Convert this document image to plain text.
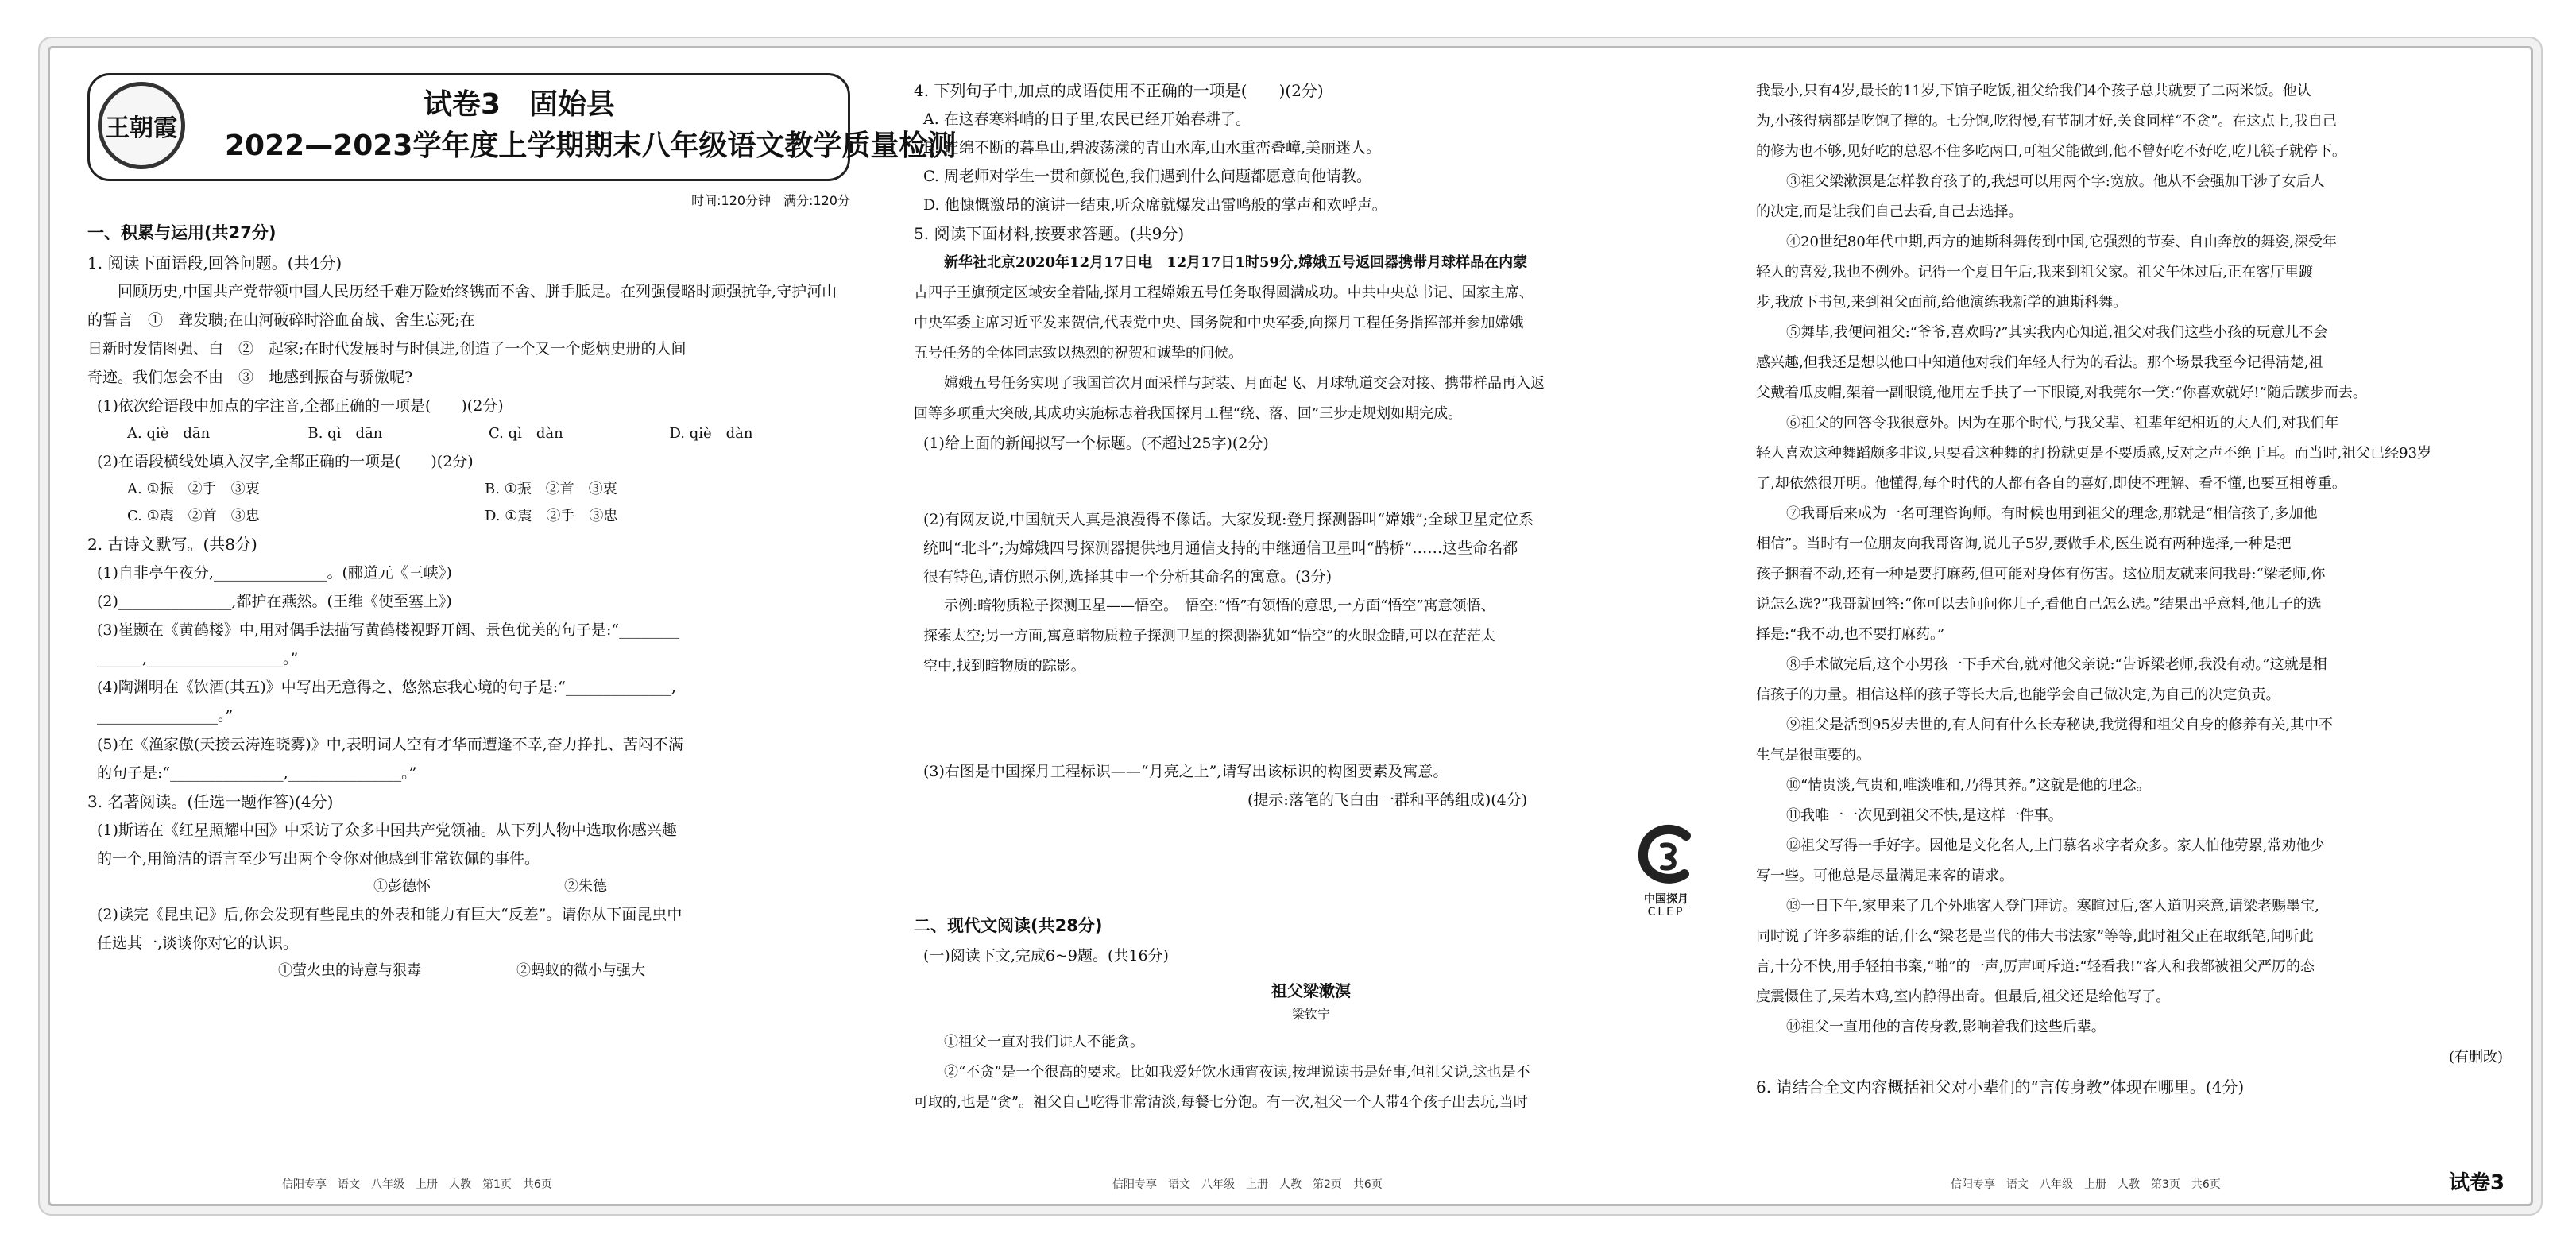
王朝霞
试卷3　固始县
2022—2023学年度上学期期末八年级语文教学质量检测
时间:120分钟　满分:120分
一、积累与运用(共27分)

1. 阅读下面语段,回答问题。(共4分)

回顾历史,中国共产党带领中国人民历经千难万险始终镌而不舍、胼手胝足。在列强侵略时顽强抗争,守护河山的誓言　①　聋发聩;在山河破碎时浴血奋战、舍生忘死;在

日新时发情图强、白　②　起家;在时代发展时与时俱进,创造了一个又一个彪炳史册的人间

奇迹。我们怎会不由　③　地感到振奋与骄傲呢?

(1)依次给语段中加点的字注音,全都正确的一项是(　　)(2分)

A. qiè　dān	B. qì　dān	C. qì　dàn	D. qiè　dàn

(2)在语段横线处填入汉字,全都正确的一项是(　　)(2分)

A. ①振　②手　③衷	B. ①振　②首　③衷
C. ①震　②首　③忠	D. ①震　②手　③忠

2. 古诗文默写。(共8分)

(1)自非亭午夜分,_______________。(郦道元《三峡》)

(2)_______________,都护在燕然。(王维《使至塞上》)

(3)崔颢在《黄鹤楼》中,用对偶手法描写黄鹤楼视野开阔、景色优美的句子是:“________

______,__________________。”

(4)陶渊明在《饮酒(其五)》中写出无意得之、悠然忘我心境的句子是:“______________,

________________。”

(5)在《渔家傲(天接云涛连晓雾)》中,表明词人空有才华而遭逢不幸,奋力挣扎、苦闷不满

的句子是:“_______________,_______________。”

3. 名著阅读。(任选一题作答)(4分)

(1)斯诺在《红星照耀中国》中采访了众多中国共产党领袖。从下列人物中选取你感兴趣

的一个,用简洁的语言至少写出两个令你对他感到非常钦佩的事件。

①彭德怀	②朱德

(2)读完《昆虫记》后,你会发现有些昆虫的外表和能力有巨大“反差”。请你从下面昆虫中

任选其一,谈谈你对它的认识。

①萤火虫的诗意与狠毒	②蚂蚁的微小与强大

4. 下列句子中,加点的成语使用不正确的一项是(　　)(2分)

A. 在这春寒料峭的日子里,农民已经开始春耕了。

B. 连绵不断的暮阜山,碧波荡漾的青山水库,山水重峦叠嶂,美丽迷人。

C. 周老师对学生一贯和颜悦色,我们遇到什么问题都愿意向他请教。

D. 他慷慨激昂的演讲一结束,听众席就爆发出雷鸣般的掌声和欢呼声。

5. 阅读下面材料,按要求答题。(共9分)

新华社北京2020年12月17日电　12月17日1时59分,嫦娥五号返回器携带月球样品在内蒙

古四子王旗预定区域安全着陆,探月工程嫦娥五号任务取得圆满成功。中共中央总书记、国家主席、

中央军委主席习近平发来贺信,代表党中央、国务院和中央军委,向探月工程任务指挥部并参加嫦娥

五号任务的全体同志致以热烈的祝贺和诚挚的问候。

嫦娥五号任务实现了我国首次月面采样与封装、月面起飞、月球轨道交会对接、携带样品再入返

回等多项重大突破,其成功实施标志着我国探月工程“绕、落、回”三步走规划如期完成。

(1)给上面的新闻拟写一个标题。(不超过25字)(2分)

(2)有网友说,中国航天人真是浪漫得不像话。大家发现:登月探测器叫“嫦娥”;全球卫星定位系

统叫“北斗”;为嫦娥四号探测器提供地月通信支持的中继通信卫星叫“鹊桥”……这些命名都

很有特色,请仿照示例,选择其中一个分析其命名的寓意。(3分)

示例:暗物质粒子探测卫星——悟空。　悟空:“悟”有领悟的意思,一方面“悟空”寓意领悟、

探索太空;另一方面,寓意暗物质粒子探测卫星的探测器犹如“悟空”的火眼金睛,可以在茫茫太

空中,找到暗物质的踪影。

(3)右图是中国探月工程标识——“月亮之上”,请写出该标识的构图要素及寓意。

(提示:落笔的飞白由一群和平鸽组成)(4分)

二、现代文阅读(共28分)

(一)阅读下文,完成6~9题。(共16分)

祖父梁漱溟
梁钦宁

①祖父一直对我们讲人不能贪。

②“不贪”是一个很高的要求。比如我爱好饮水通宵夜读,按理说读书是好事,但祖父说,这也是不

可取的,也是“贪”。祖父自己吃得非常清淡,每餐七分饱。有一次,祖父一个人带4个孩子出去玩,当时

中国探月
CLEP

我最小,只有4岁,最长的11岁,下馆子吃饭,祖父给我们4个孩子总共就要了二两米饭。他认

为,小孩得病都是吃饱了撑的。七分饱,吃得慢,有节制才好,关食同样“不贪”。在这点上,我自己

的修为也不够,见好吃的总忍不住多吃两口,可祖父能做到,他不曾好吃不好吃,吃几筷子就停下。

③祖父梁漱溟是怎样教育孩子的,我想可以用两个字:宽放。他从不会强加干涉子女后人

的决定,而是让我们自己去看,自己去选择。

④20世纪80年代中期,西方的迪斯科舞传到中国,它强烈的节奏、自由奔放的舞姿,深受年

轻人的喜爱,我也不例外。记得一个夏日午后,我来到祖父家。祖父午休过后,正在客厅里踱

步,我放下书包,来到祖父面前,给他演练我新学的迪斯科舞。

⑤舞毕,我便问祖父:“爷爷,喜欢吗?”其实我内心知道,祖父对我们这些小孩的玩意儿不会

感兴趣,但我还是想以他口中知道他对我们年轻人行为的看法。那个场景我至今记得清楚,祖

父戴着瓜皮帽,架着一副眼镜,他用左手扶了一下眼镜,对我莞尔一笑:“你喜欢就好!”随后踱步而去。

⑥祖父的回答令我很意外。因为在那个时代,与我父辈、祖辈年纪相近的大人们,对我们年

轻人喜欢这种舞蹈颇多非议,只要看这种舞的打扮就更是不要质感,反对之声不绝于耳。而当时,祖父已经93岁

了,却依然很开明。他懂得,每个时代的人都有各自的喜好,即使不理解、看不懂,也要互相尊重。

⑦我哥后来成为一名可理咨询师。有时候也用到祖父的理念,那就是“相信孩子,多加他

相信”。当时有一位朋友向我哥咨询,说儿子5岁,要做手术,医生说有两种选择,一种是把

孩子捆着不动,还有一种是要打麻药,但可能对身体有伤害。这位朋友就来问我哥:“梁老师,你

说怎么选?”我哥就回答:“你可以去问问你儿子,看他自己怎么选。”结果出乎意料,他儿子的选

择是:“我不动,也不要打麻药。”

⑧手术做完后,这个小男孩一下手术台,就对他父亲说:“告诉梁老师,我没有动。”这就是相

信孩子的力量。相信这样的孩子等长大后,也能学会自己做决定,为自己的决定负责。

⑨祖父是活到95岁去世的,有人问有什么长寿秘诀,我觉得和祖父自身的修养有关,其中不

生气是很重要的。

⑩“情贵淡,气贵和,唯淡唯和,乃得其养。”这就是他的理念。

⑪我唯一一次见到祖父不快,是这样一件事。

⑫祖父写得一手好字。因他是文化名人,上门慕名求字者众多。家人怕他劳累,常劝他少

写一些。可他总是尽量满足来客的请求。

⑬一日下午,家里来了几个外地客人登门拜访。寒暄过后,客人道明来意,请梁老赐墨宝,

同时说了许多恭维的话,什么“梁老是当代的伟大书法家”等等,此时祖父正在取纸笔,闻听此

言,十分不快,用手轻拍书案,“啪”的一声,厉声呵斥道:“轻看我!”客人和我都被祖父严厉的态

度震慑住了,呆若木鸡,室内静得出奇。但最后,祖父还是给他写了。

⑭祖父一直用他的言传身教,影响着我们这些后辈。

(有删改)

6. 请结合全文内容概括祖父对小辈们的“言传身教”体现在哪里。(4分)

信阳专享　语文　八年级　上册　人教　第1页　共6页	信阳专享　语文　八年级　上册　人教　第2页　共6页	信阳专享　语文　八年级　上册　人教　第3页　共6页	试卷3
